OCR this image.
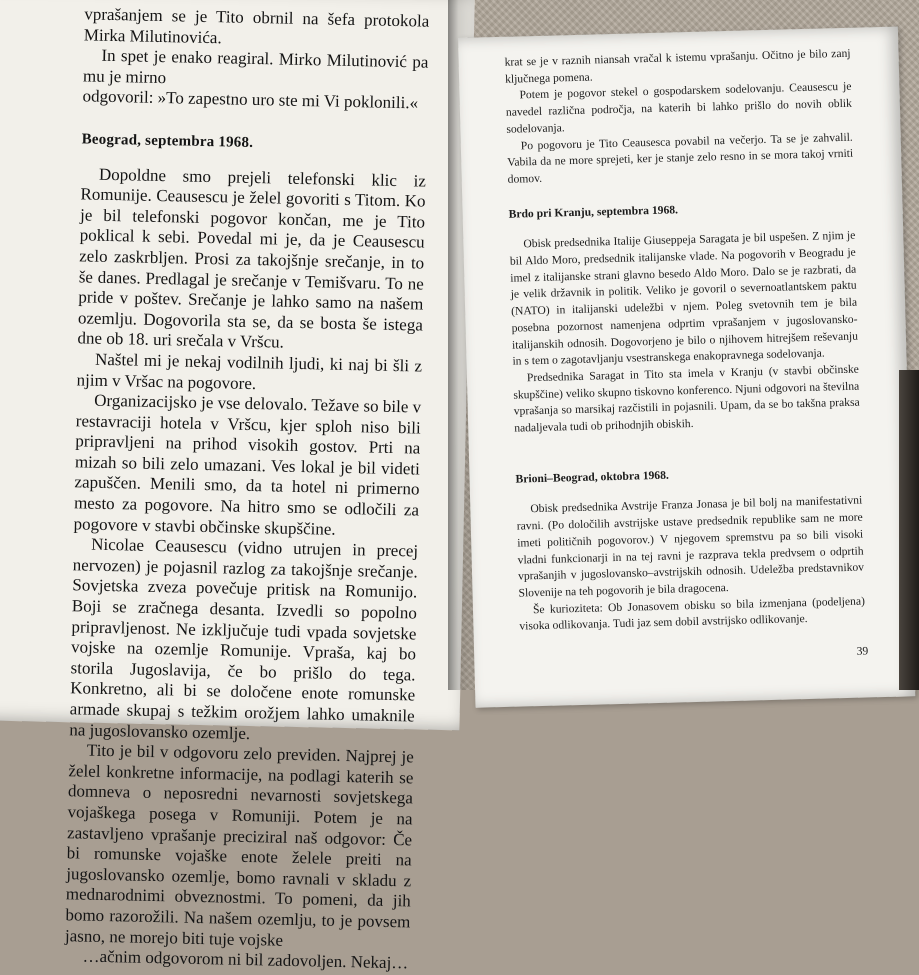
vprašanjem se je Tito obrnil na šefa protokola Mirka Milutinovića.

In spet je enako reagiral. Mirko Milutinović pa mu je mirno

odgovoril: »To zapestno uro ste mi Vi poklonili.«

Beograd, septembra 1968.

Dopoldne smo prejeli telefonski klic iz Romunije. Ceausescu je želel govoriti s Titom. Ko je bil telefonski pogovor končan, me je Tito poklical k sebi. Povedal mi je, da je Ceausescu zelo zaskrbljen. Prosi za takojšnje srečanje, in to še danes. Predlagal je srečanje v Temišvaru. To ne pride v poštev. Srečanje je lahko samo na našem ozemlju. Dogovorila sta se, da se bosta še istega dne ob 18. uri srečala v Vršcu.

Naštel mi je nekaj vodilnih ljudi, ki naj bi šli z njim v Vršac na pogovore.

Organizacijsko je vse delovalo. Težave so bile v restavraciji hotela v Vršcu, kjer sploh niso bili pripravljeni na prihod visokih gostov. Prti na mizah so bili zelo umazani. Ves lokal je bil videti zapuščen. Menili smo, da ta hotel ni primerno mesto za pogovore. Na hitro smo se odločili za pogovore v stavbi občinske skupščine.

Nicolae Ceausescu (vidno utrujen in precej nervozen) je pojasnil razlog za takojšnje srečanje. Sovjetska zveza povečuje pritisk na Romunijo. Boji se zračnega desanta. Izvedli so popolno pripravljenost. Ne izključuje tudi vpada sovjetske vojske na ozemlje Romunije. Vpraša, kaj bo storila Jugoslavija, če bo prišlo do tega. Konkretno, ali bi se določene enote romunske armade skupaj s težkim orožjem lahko umaknile na jugoslovansko ozemlje.

Tito je bil v odgovoru zelo previden. Najprej je želel konkretne informacije, na podlagi katerih se domneva o neposredni nevarnosti sovjetskega vojaškega posega v Romuniji. Potem je na zastavljeno vprašanje preciziral naš odgovor: Če bi romunske vojaške enote želele preiti na jugoslovansko ozemlje, bomo ravnali v skladu z mednarodnimi obveznostmi. To pomeni, da jih bomo razorožili. Na našem ozemlju, to je povsem jasno, ne morejo biti tuje vojske

…ačnim odgovorom ni bil zadovoljen. Nekaj…

krat se je v raznih niansah vračal k istemu vprašanju. Očitno je bilo zanj ključnega pomena.

Potem je pogovor stekel o gospodarskem sodelovanju. Ceausescu je navedel različna področja, na katerih bi lahko prišlo do novih oblik sodelovanja.

Po pogovoru je Tito Ceausesca povabil na večerjo. Ta se je zahvalil. Vabila da ne more sprejeti, ker je stanje zelo resno in se mora takoj vrniti domov.

Brdo pri Kranju, septembra 1968.

Obisk predsednika Italije Giuseppeja Saragata je bil uspešen. Z njim je bil Aldo Moro, predsednik italijanske vlade. Na pogovorih v Beogradu je imel z italijanske strani glavno besedo Aldo Moro. Dalo se je razbrati, da je velik državnik in politik. Veliko je govoril o severnoatlantskem paktu (NATO) in italijanski udeležbi v njem. Poleg svetovnih tem je bila posebna pozornost namenjena odprtim vprašanjem v jugoslovansko-italijanskih odnosih. Dogovorjeno je bilo o njihovem hitrejšem reševanju in s tem o zagotavljanju vsestranskega enakopravnega sodelovanja.

Predsednika Saragat in Tito sta imela v Kranju (v stavbi občinske skupščine) veliko skupno tiskovno konferenco. Njuni odgovori na številna vprašanja so marsikaj razčistili in pojasnili. Upam, da se bo takšna praksa nadaljevala tudi ob prihodnjih obiskih.

Brioni–Beograd, oktobra 1968.

Obisk predsednika Avstrije Franza Jonasa je bil bolj na manifestativni ravni. (Po določilih avstrijske ustave predsednik republike sam ne more imeti političnih pogovorov.) V njegovem spremstvu pa so bili visoki vladni funkcionarji in na tej ravni je razprava tekla predvsem o odprtih vprašanjih v jugoslovansko–avstrijskih odnosih. Udeležba predstavnikov Slovenije na teh pogovorih je bila dragocena.

Še kurioziteta: Ob Jonasovem obisku so bila izmenjana (podeljena) visoka odlikovanja. Tudi jaz sem dobil avstrijsko odlikovanje.

39
